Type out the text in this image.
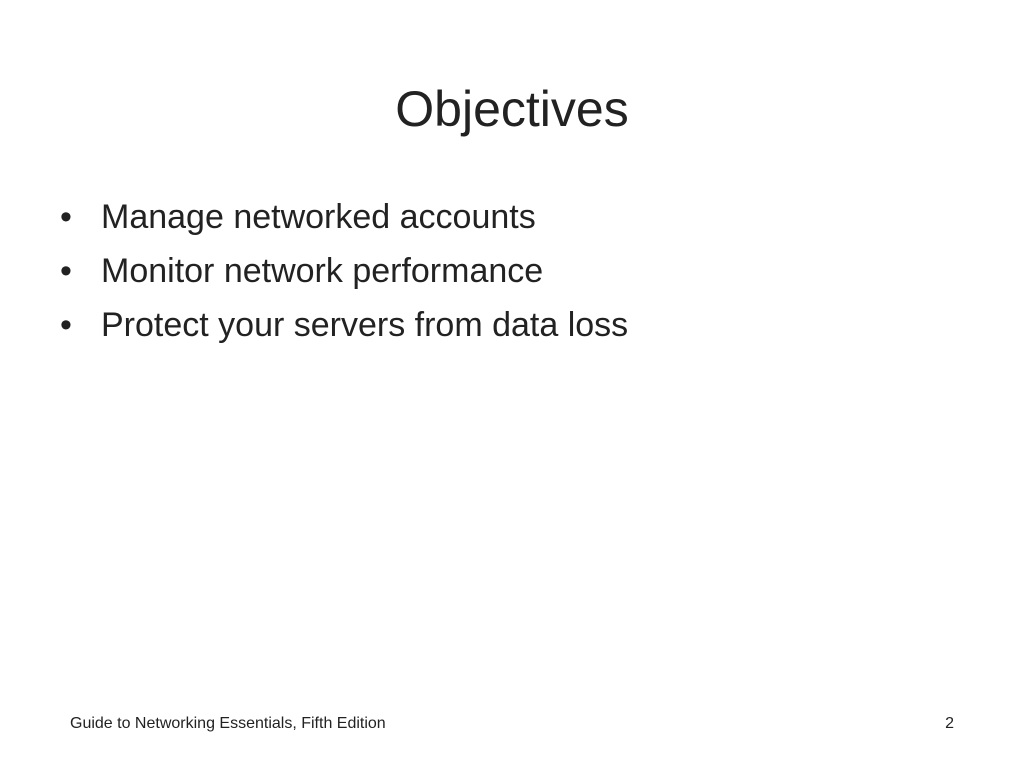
Objectives
• Manage networked accounts
• Monitor network performance
• Protect your servers from data loss
Guide to Networking Essentials, Fifth Edition	2
